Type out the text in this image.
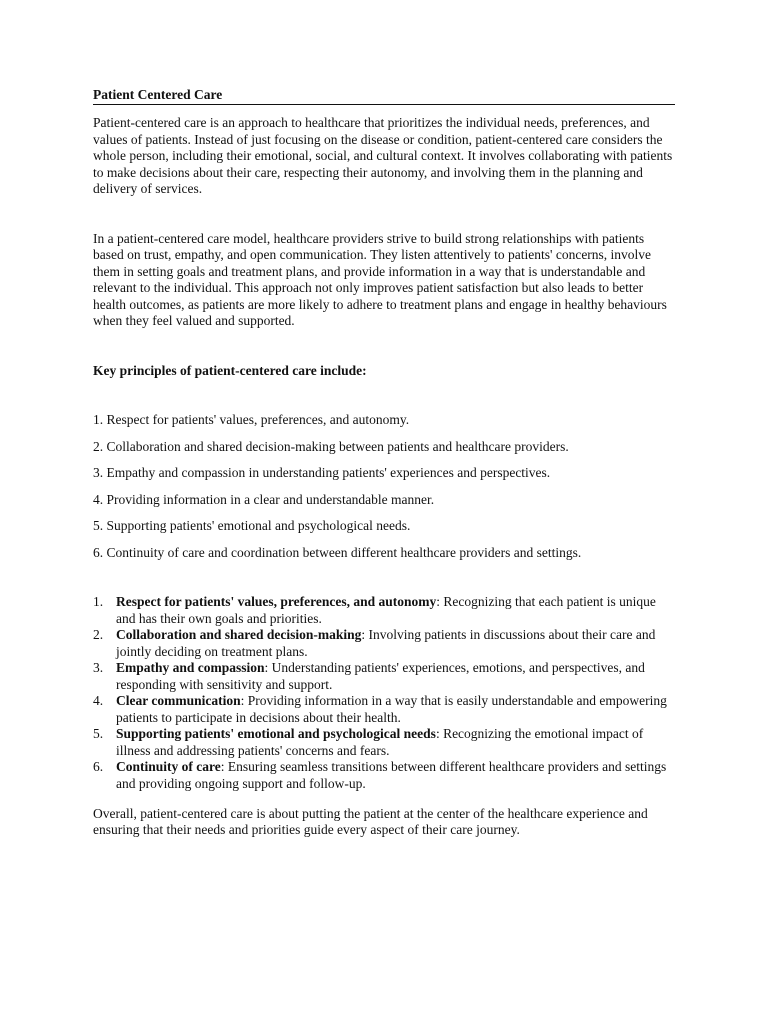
Patient Centered Care

Patient-centered care is an approach to healthcare that prioritizes the individual needs, preferences, and values of patients. Instead of just focusing on the disease or condition, patient-centered care considers the whole person, including their emotional, social, and cultural context. It involves collaborating with patients to make decisions about their care, respecting their autonomy, and involving them in the planning and delivery of services.

In a patient-centered care model, healthcare providers strive to build strong relationships with patients based on trust, empathy, and open communication. They listen attentively to patients' concerns, involve them in setting goals and treatment plans, and provide information in a way that is understandable and relevant to the individual. This approach not only improves patient satisfaction but also leads to better health outcomes, as patients are more likely to adhere to treatment plans and engage in healthy behaviours when they feel valued and supported.

Key principles of patient-centered care include:

1. Respect for patients' values, preferences, and autonomy.

2. Collaboration and shared decision-making between patients and healthcare providers.

3. Empathy and compassion in understanding patients' experiences and perspectives.

4. Providing information in a clear and understandable manner.

5. Supporting patients' emotional and psychological needs.

6. Continuity of care and coordination between different healthcare providers and settings.

1. Respect for patients' values, preferences, and autonomy: Recognizing that each patient is unique and has their own goals and priorities.
2. Collaboration and shared decision-making: Involving patients in discussions about their care and jointly deciding on treatment plans.
3. Empathy and compassion: Understanding patients' experiences, emotions, and perspectives, and responding with sensitivity and support.
4. Clear communication: Providing information in a way that is easily understandable and empowering patients to participate in decisions about their health.
5. Supporting patients' emotional and psychological needs: Recognizing the emotional impact of illness and addressing patients' concerns and fears.
6. Continuity of care: Ensuring seamless transitions between different healthcare providers and settings and providing ongoing support and follow-up.

Overall, patient-centered care is about putting the patient at the center of the healthcare experience and ensuring that their needs and priorities guide every aspect of their care journey.
